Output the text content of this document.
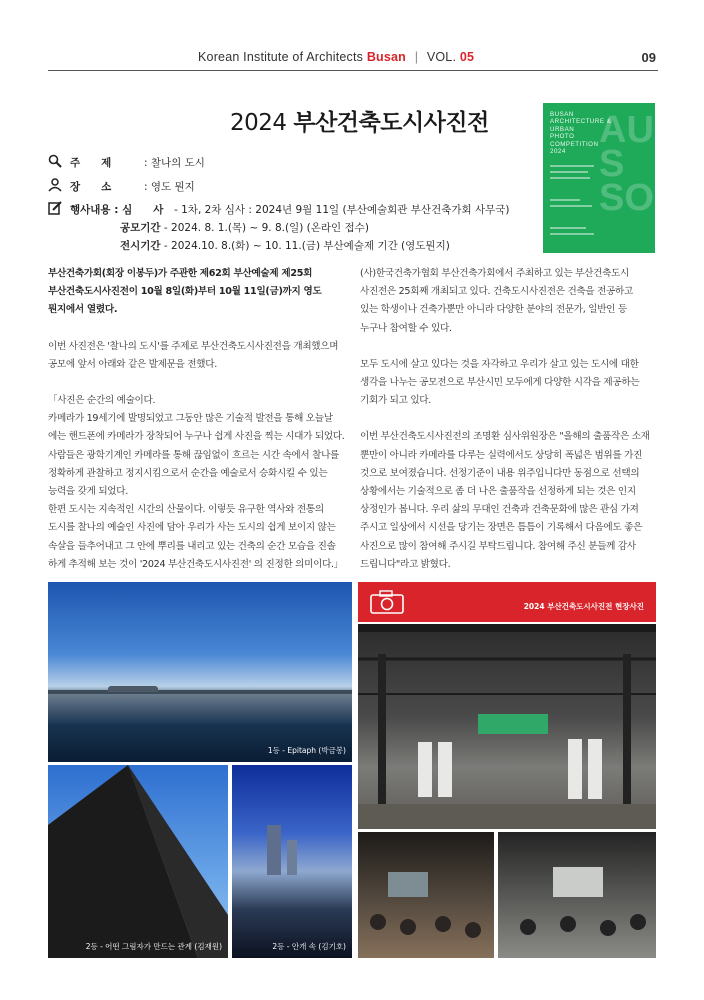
Korean Institute of Architects Busan | VOL. 05	09
2024 부산건축도시사진전	BUSAN
ARCHITECTURE &
URBAN
PHOTO
COMPETITION
2024
AU
S
SO
주　　제	: 찰나의 도시
장　　소	: 영도 뭔지
행사내용 : 심　　사 - 1차, 2차 심사 : 2024년 9월 11일 (부산예술회관 부산건축가회 사무국)
공모기간 - 2024. 8. 1.(목) ~ 9. 8.(일) (온라인 접수)
전시기간 - 2024.10. 8.(화) ~ 10. 11.(금) 부산예술제 기간 (영도뭔지)

부산건축가회(회장 이봉두)가 주관한 제62회 부산예술제 제25회
부산건축도시사진전이 10월 8일(화)부터 10월 11일(금)까지 영도
뭔지에서 열렸다.

이번 사진전은 '찰나의 도시'를 주제로 부산건축도시사진전을 개최했으며
공모에 앞서 아래와 같은 발제문을 전했다.

「사진은 순간의 예술이다.
카메라가 19세기에 발명되었고 그동안 많은 기술적 발전을 통해 오늘날
에는 핸드폰에 카메라가 장착되어 누구나 쉽게 사진을 찍는 시대가 되었다.
사람들은 광학기계인 카메라를 통해 끊임없이 흐르는 시간 속에서 찰나를
정확하게 관찰하고 정지시킴으로서 순간을 예술로서 승화시킬 수 있는
능력을 갖게 되었다.
한편 도시는 지속적인 시간의 산물이다. 이렇듯 유구한 역사와 전통의
도시를 찰나의 예술인 사진에 담아 우리가 사는 도시의 쉽게 보이지 않는
속살을 들추어내고 그 안에 뿌리를 내리고 있는 건축의 순간 모습을 진솔
하게 추적해 보는 것이 '2024 부산건축도시사진전' 의 진정한 의미이다.」

(사)한국건축가협회 부산건축가회에서 주최하고 있는 부산건축도시
사진전은 25회째 개최되고 있다. 건축도시사진전은 건축을 전공하고
있는 학생이나 건축가뿐만 아니라 다양한 분야의 전문가, 일반인 등
누구나 참여할 수 있다.

모두 도시에 살고 있다는 것을 자각하고 우리가 살고 있는 도시에 대한
생각을 나누는 공모전으로 부산시민 모두에게 다양한 시각을 제공하는
기회가 되고 있다.

이번 부산건축도시사진전의 조명환 심사위원장은 "올해의 출품작은 소재
뿐만이 아니라 카메라를 다루는 실력에서도 상당히 폭넓은 범위를 가진
것으로 보여졌습니다. 선정기준이 내용 위주입니다만 동점으로 선택의
상황에서는 기술적으로 좀 더 나은 출품작을 선정하게 되는 것은 인지
상정인가 봅니다. 우리 삶의 무대인 건축과 건축문화에 많은 관심 가져
주시고 일상에서 시선을 당기는 장면은 틈틈이 기록해서 다음에도 좋은
사진으로 많이 참여해 주시길 부탁드립니다. 참여해 주신 분들께 감사
드립니다"라고 밝혔다.

1등 - Epitaph (박금봉)
2등 - 어떤 그림자가 만드는 관계 (김재원)	2등 - 안개 속 (김기호)
2024 부산건축도시사진전 현장사진
